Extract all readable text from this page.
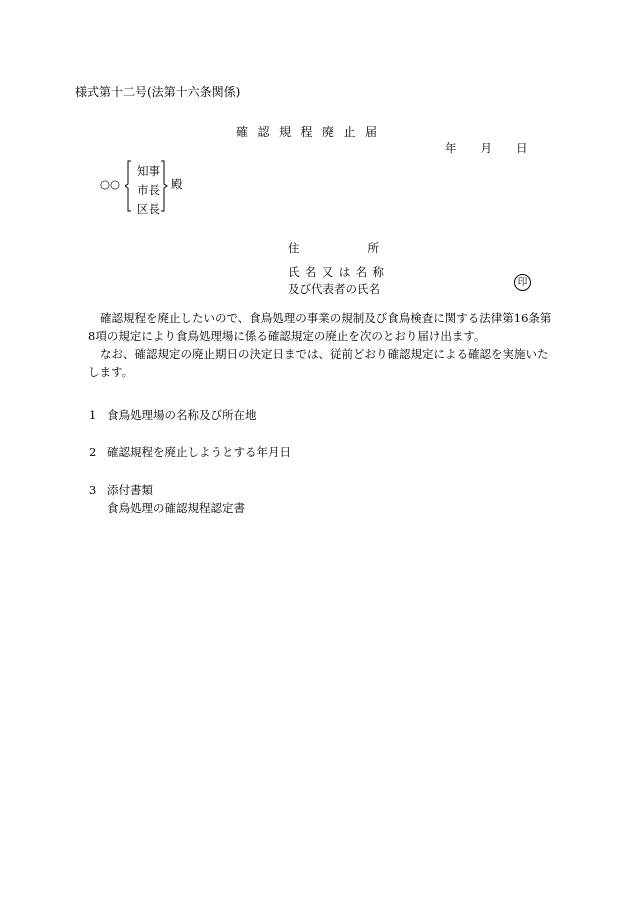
様式第十二号(法第十六条関係)
確認規程廃止届
年 月 日
○○
知事
市長
区長
殿
住	所
氏名又は名称
及び代表者の氏名	印

確認規程を廃止したいので、食鳥処理の事業の規制及び食鳥検査に関する法律第16条第8項の規定により食鳥処理場に係る確認規定の廃止を次のとおり届け出ます。

なお、確認規定の廃止期日の決定日までは、従前どおり確認規定による確認を実施いたします。

1 食鳥処理場の名称及び所在地
2 確認規程を廃止しようとする年月日
3 添付書類
食鳥処理の確認規程認定書
